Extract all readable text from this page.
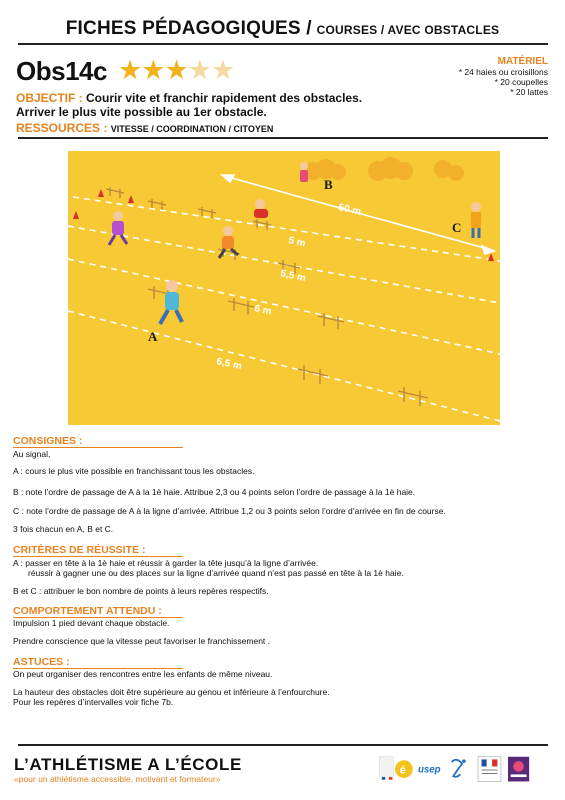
FICHES PÉDAGOGIQUES / COURSES / AVEC OBSTACLES
Obs14c ★★★★★	MATÉRIEL
* 24 haies ou croisillons
* 20 coupelles
* 20 lattes
OBJECTIF : Courir vite et franchir rapidement des obstacles.
Arriver le plus vite possible au 1er obstacle.
RESSOURCES : VITESSE / COORDINATION / CITOYEN
50 m
5 m
5,5 m
6 m
6,5 m
A
B
C
CONSIGNES :
Au signal,
A : cours le plus vite possible en franchissant tous les obstacles.
B : note l’ordre de passage de A à la 1è haie. Attribue 2,3 ou 4 points selon l’ordre de passage à la 1è haie.
C : note l’ordre de passage de A à la ligne d’arrivée. Attribue 1,2 ou 3 points selon l’ordre d’arrivée en fin de course.
3 fois chacun en A, B et C.
CRITÈRES DE RÉUSSITE :
A : passer en tête à la 1è haie et réussir à garder la tête jusqu’à la ligne d’arrivée.
réussir à gagner une ou des places sur la ligne d’arrivée quand n’est pas passé en tête à la 1è haie.
B et C : attribuer le bon nombre de points à leurs repères respectifs.
COMPORTEMENT ATTENDU :
Impulsion 1 pied devant chaque obstacle.
Prendre conscience que la vitesse peut favoriser le franchissement .
ASTUCES :
On peut organiser des rencontres entre les enfants de même niveau.
La hauteur des obstacles doit être supérieure au genou et inférieure à l’enfourchure.
Pour les repères d’intervalles voir fiche 7b.
L’ATHLÉTISME A L’ÉCOLE
«pour un athlétisme accessible, motivant et formateur»
é usep
